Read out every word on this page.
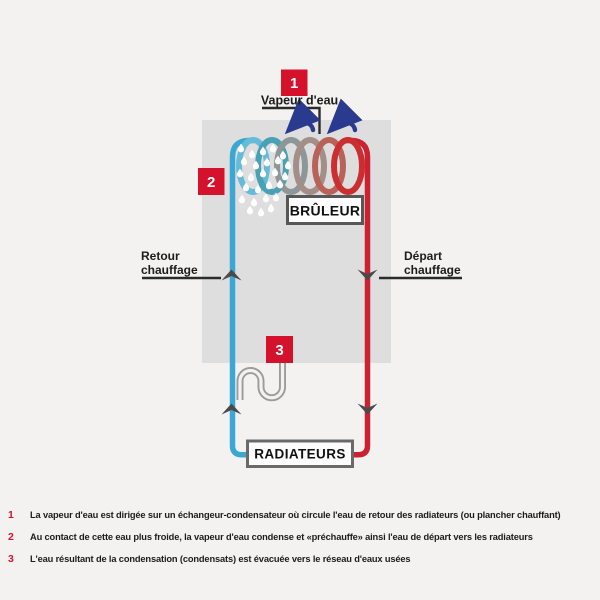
BRÛLEUR
RADIATEURS
1
2
3
Vapeur d'eau
Retour
chauffage
Départ
chauffage
1	La vapeur d'eau est dirigée sur un échangeur-condensateur où circule l'eau de retour des radiateurs (ou plancher chauffant)

2	Au contact de cette eau plus froide, la vapeur d'eau condense et «préchauffe» ainsi l'eau de départ vers les radiateurs

3	L'eau résultant de la condensation (condensats) est évacuée vers le réseau d'eaux usées
